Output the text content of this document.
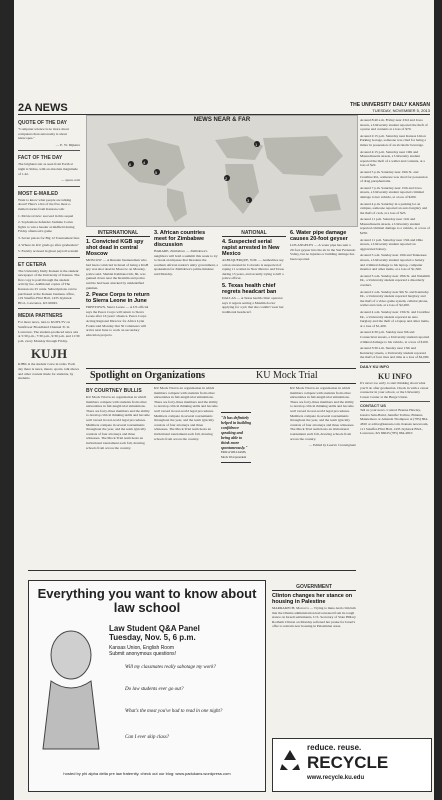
2A NEWS	THE UNIVERSITY DAILY KANSAN
TUESDAY, NOVEMBER 5, 2013
QUOTE OF THE DAY
"Computer science is no more about computers than astronomy is about telescopes."
— E. W. Dijkstra
FACT OF THE DAY
The brightest star as seen from Earth at night is Sirius, with an absolute magnitude of 1.42.
— space.com
MOST E-MAILED
Want to know what people are talking about? Here's a list of the five most e-mailed stories from Kansan.com:
1. Movie review: succeed in this sequel
2. Sophomore defender Jasmine Cortes fights to win a header at midfield during Friday afternoon's game
3. Seven places for Big 12 Tournament fans
4. Where do KU grads go after graduation?
5. Faculty accused in ghost payroll scandal
ET CETERA
The University Daily Kansan is the student newspaper of the University of Kansas. The first copy is paid through the student activity fee. Additional copies of The Kansan are 25 cents. Subscriptions can be purchased at the Kansan business office, 119 Stauffer-Flint Hall, 1435 Jayhawk Blvd., Lawrence, KS 66045.
MEDIA PARTNERS
For more news, turn to KUJH-TV on Sunflower Broadband Channel 31 in Lawrence. The student-produced news airs at 5:30 p.m., 7:30 p.m., 9:30 p.m. and 11:30 p.m. every Monday through Friday.
KUJH
KJHK is the student voice in radio. Each day there is news, music, sports, talk shows and other content made for students, by students.
4
5
6
1
2
3
NEWS NEAR & FAR
INTERNATIONAL
1. Convicted KGB spy shot dead in central Moscow
MOSCOW — A Russian businessman who had been convicted in Israel of being a KGB spy was shot dead in Moscow on Monday, police said. Shabtai Kalmanovich, 60, was gunned down near the Kremlin and police said he had been attacked by unidentified gunmen.
2. Peace Corps to return to Sierra Leone in June
FREETOWN, Sierra Leone — A US official says the Peace Corps will return to Sierra Leone after 16 years' absence. Peace Corps Acting Regional Director for Africa Lynn Foden said Monday that 50 volunteers will arrive next June to work on secondary education projects.
3. African countries meet for Zimbabwe discussion
HARARE, Zimbabwe — Zimbabwe's neighbors will hold a summit this week to try to break an impasse that threatens the southern African nation's unity government, a spokesman for Zimbabwe's prime minister said Monday.
NATIONAL
4. Suspected serial rapist arrested in New Mexico
ALBUQUERQUE, N.M. — Authorities say a man arrested in Colorado is suspected of raping 11 women in New Mexico and Texas during 13 years, and recently trying to kill a police officer.
5. Texas health chief regrets headcart ban
DALLAS — A Texas health clinic operator says it regrets setting a Muslim doctor applying for a job that she couldn't wear her traditional headscarf.
6. Water pipe damage causes 20-foot geyser
LOS ANGELES — A water pipe has sent a 20-foot geyser into the air in the San Fernando Valley, but no injuries or building damage has been reported.
Around 8:40 a.m. Friday near 23rd and Iowa streets, a University student reported the theft of a purse and contents at a loss of $70.
Around 2:15 p.m. Saturday near Kansas Union Parking Garage, someone was cited for being a minor in possession of an alcoholic beverage.
Around 4:15 p.m. Saturday near 19th and Massachusetts streets, a University student reported the theft of a wallet and contents, at a loss of $22.
Around 5 p.m. Saturday near 19th St. and Crestline Rd., someone was cited for possession of drug paraphernalia.
Around 7 p.m. Saturday near 15th and Iowa streets, a University student reported criminal damage to her vehicle, at a loss of $200.
Around 4 p.m. Saturday in a parking lot on campus, someone reported an auto burglary and the theft of cash, at a loss of $25.
Around 11 p.m. Saturday near 11th and Massachusetts streets, a University student reported criminal damage to a vehicle, at a loss of $250.
Around 11 p.m. Saturday near 15th and Ohio streets, a University student reported an aggravated battery.
Around 3 a.m. Sunday near 19th and Tennessee streets, a University student reported a battery and criminal damage to his laptop, computer monitor and other items, at a loss of $1,500.
Around 3 a.m. Sunday near 18th St. and Naismith Dr., a University student reported a disorderly conduct.
Around 2 a.m. Sunday near 9th St. and Kentucky Dr., a University student reported burglary and the theft of a video game system, cellular phone, wallet and cash, at a loss of $2,200.
Around 4 a.m. Sunday near 13th St. and Crestline Dr., a University student reported an auto burglary and the theft of a laptop and other items, at a loss of $1,400.
Around 4:30 p.m. Sunday near 9th and Connecticut streets, a University student reported criminal damage to his vehicle, at a loss of $100.
Around 3:30 a.m. Sunday near 15th and Kentucky streets, a University student reported the theft of four tires and rims at a loss of $2,000.
DAILY KU INFO
KU INFO
It's never too early to start thinking about what you'll do after graduation. Check in with a career counselor in your school, or the University Career Center at the Burge Union.
CONTACT US
Tell us your news. Contact Brenna Hawley, Jessica Sain-Baird, Jennifer Torline, Brianna Mannemore or Amanda Thompson at (785) 864-4810 or editor@kansan.com. Kansan newsroom, 111 Stauffer-Flint Hall, 1435 Jayhawk Blvd., Lawrence, KS 66045 (785) 864-4810
Spotlight on Organizations	KU Mock Trial
BY COURTNEY BULLIS
KU Mock Trial is an organization in which members compete with students from other universities in full-length trial simulations. There are forty-three members and the ability to develop critical thinking skills and become well versed in real-world legal procedures. Members compete in several tournaments throughout the year, and the team typically consists of four attorneys and three witnesses. The Mock Trial team hosts an invitational tournament each fall, drawing schools from across the country.
KU Mock Trial is an organization in which members compete with students from other universities in full-length trial simulations. There are forty-three members and the ability to develop critical thinking skills and become well versed in real-world legal procedures. Members compete in several tournaments throughout the year, and the team typically consists of four attorneys and three witnesses. The Mock Trial team hosts an invitational tournament each fall, drawing schools from across the country.
"It has definitely helped in building confidence speaking and being able to think more spontaneously."
ERICA WILLIAMS, Mock Trial president
KU Mock Trial is an organization in which members compete with students from other universities in full-length trial simulations. There are forty-three members and the ability to develop critical thinking skills and become well versed in real-world legal procedures. Members compete in several tournaments throughout the year, and the team typically consists of four attorneys and three witnesses. The Mock Trial team hosts an invitational tournament each fall, drawing schools from across the country.
— Edited by Lauren Cunningham
Everything you want to know about law school
Law Student Q&A Panel
Tuesday, Nov. 5, 6 p.m.
Kansas Union, English Room
Submit anonymous questions!
Will my classmates really sabotage my work?
Do law students ever go out?
What's the most you've had to read in one night?
Can I ever skip class?
hosted by phi alpha delta pre law fraternity. check out our blog: www.padukans.wordpress.com
GOVERNMENT
Clinton changes her stance on housing in Palestine
MARRAKECH, Morocco — Trying to mute Arab criticism that the Obama administration had retreated from its tough stance on Israeli settlements, U.S. Secretary of State Hillary Rodham Clinton on Monday softened her praise for Israel's offer to restrain new housing in Palestinian areas.
reduce. reuse.
RECYCLE
www.recycle.ku.edu
